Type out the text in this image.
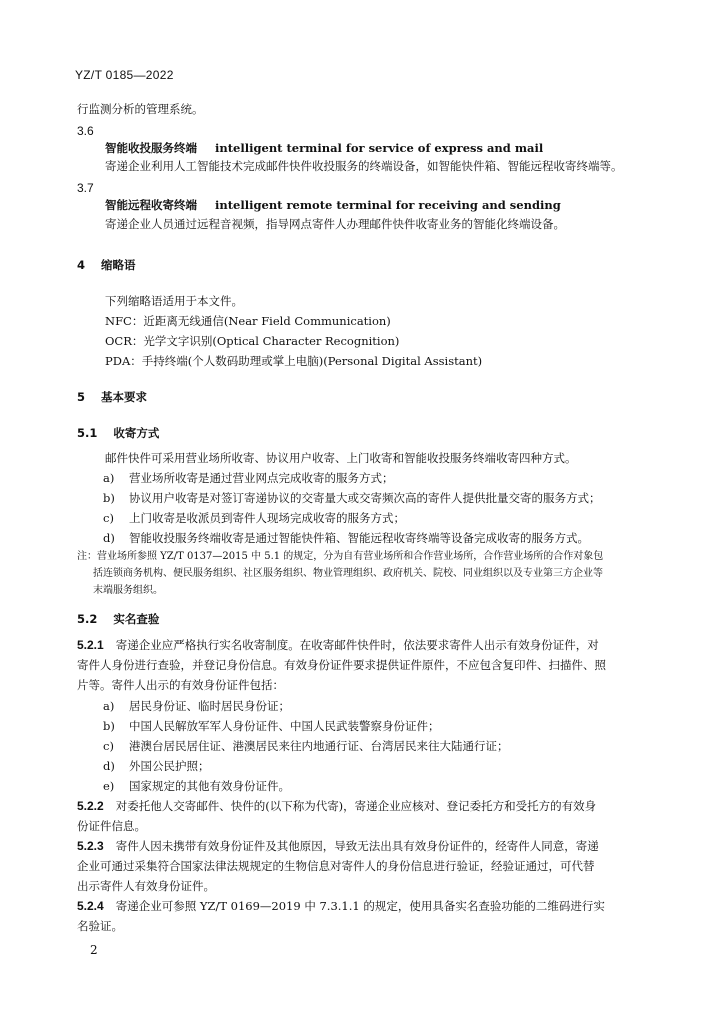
YZ/T 0185—2022
行监测分析的管理系统。
3.6
智能收投服务终端 intelligent terminal for service of express and mail
寄递企业利用人工智能技术完成邮件快件收投服务的终端设备，如智能快件箱、智能远程收寄终端等。
3.7
智能远程收寄终端 intelligent remote terminal for receiving and sending
寄递企业人员通过远程音视频，指导网点寄件人办理邮件快件收寄业务的智能化终端设备。
4 缩略语
下列缩略语适用于本文件。
NFC：近距离无线通信(Near Field Communication)
OCR：光学文字识别(Optical Character Recognition)
PDA：手持终端(个人数码助理或掌上电脑)(Personal Digital Assistant)
5 基本要求
5.1 收寄方式
邮件快件可采用营业场所收寄、协议用户收寄、上门收寄和智能收投服务终端收寄四种方式。
a) 营业场所收寄是通过营业网点完成收寄的服务方式；
b) 协议用户收寄是对签订寄递协议的交寄量大或交寄频次高的寄件人提供批量交寄的服务方式；
c) 上门收寄是收派员到寄件人现场完成收寄的服务方式；
d) 智能收投服务终端收寄是通过智能快件箱、智能远程收寄终端等设备完成收寄的服务方式。
注：营业场所参照 YZ/T 0137—2015 中 5.1 的规定，分为自有营业场所和合作营业场所，合作营业场所的合作对象包
括连锁商务机构、便民服务组织、社区服务组织、物业管理组织、政府机关、院校、同业组织以及专业第三方企业等
末端服务组织。
5.2 实名查验
5.2.1 寄递企业应严格执行实名收寄制度。在收寄邮件快件时，依法要求寄件人出示有效身份证件，对
寄件人身份进行查验，并登记身份信息。有效身份证件要求提供证件原件，不应包含复印件、扫描件、照
片等。寄件人出示的有效身份证件包括：
a) 居民身份证、临时居民身份证；
b) 中国人民解放军军人身份证件、中国人民武装警察身份证件；
c) 港澳台居民居住证、港澳居民来往内地通行证、台湾居民来往大陆通行证；
d) 外国公民护照；
e) 国家规定的其他有效身份证件。
5.2.2 对委托他人交寄邮件、快件的(以下称为代寄)，寄递企业应核对、登记委托方和受托方的有效身
份证件信息。
5.2.3 寄件人因未携带有效身份证件及其他原因，导致无法出具有效身份证件的，经寄件人同意，寄递
企业可通过采集符合国家法律法规规定的生物信息对寄件人的身份信息进行验证，经验证通过，可代替
出示寄件人有效身份证件。
5.2.4 寄递企业可参照 YZ/T 0169—2019 中 7.3.1.1 的规定，使用具备实名查验功能的二维码进行实
名验证。
2
